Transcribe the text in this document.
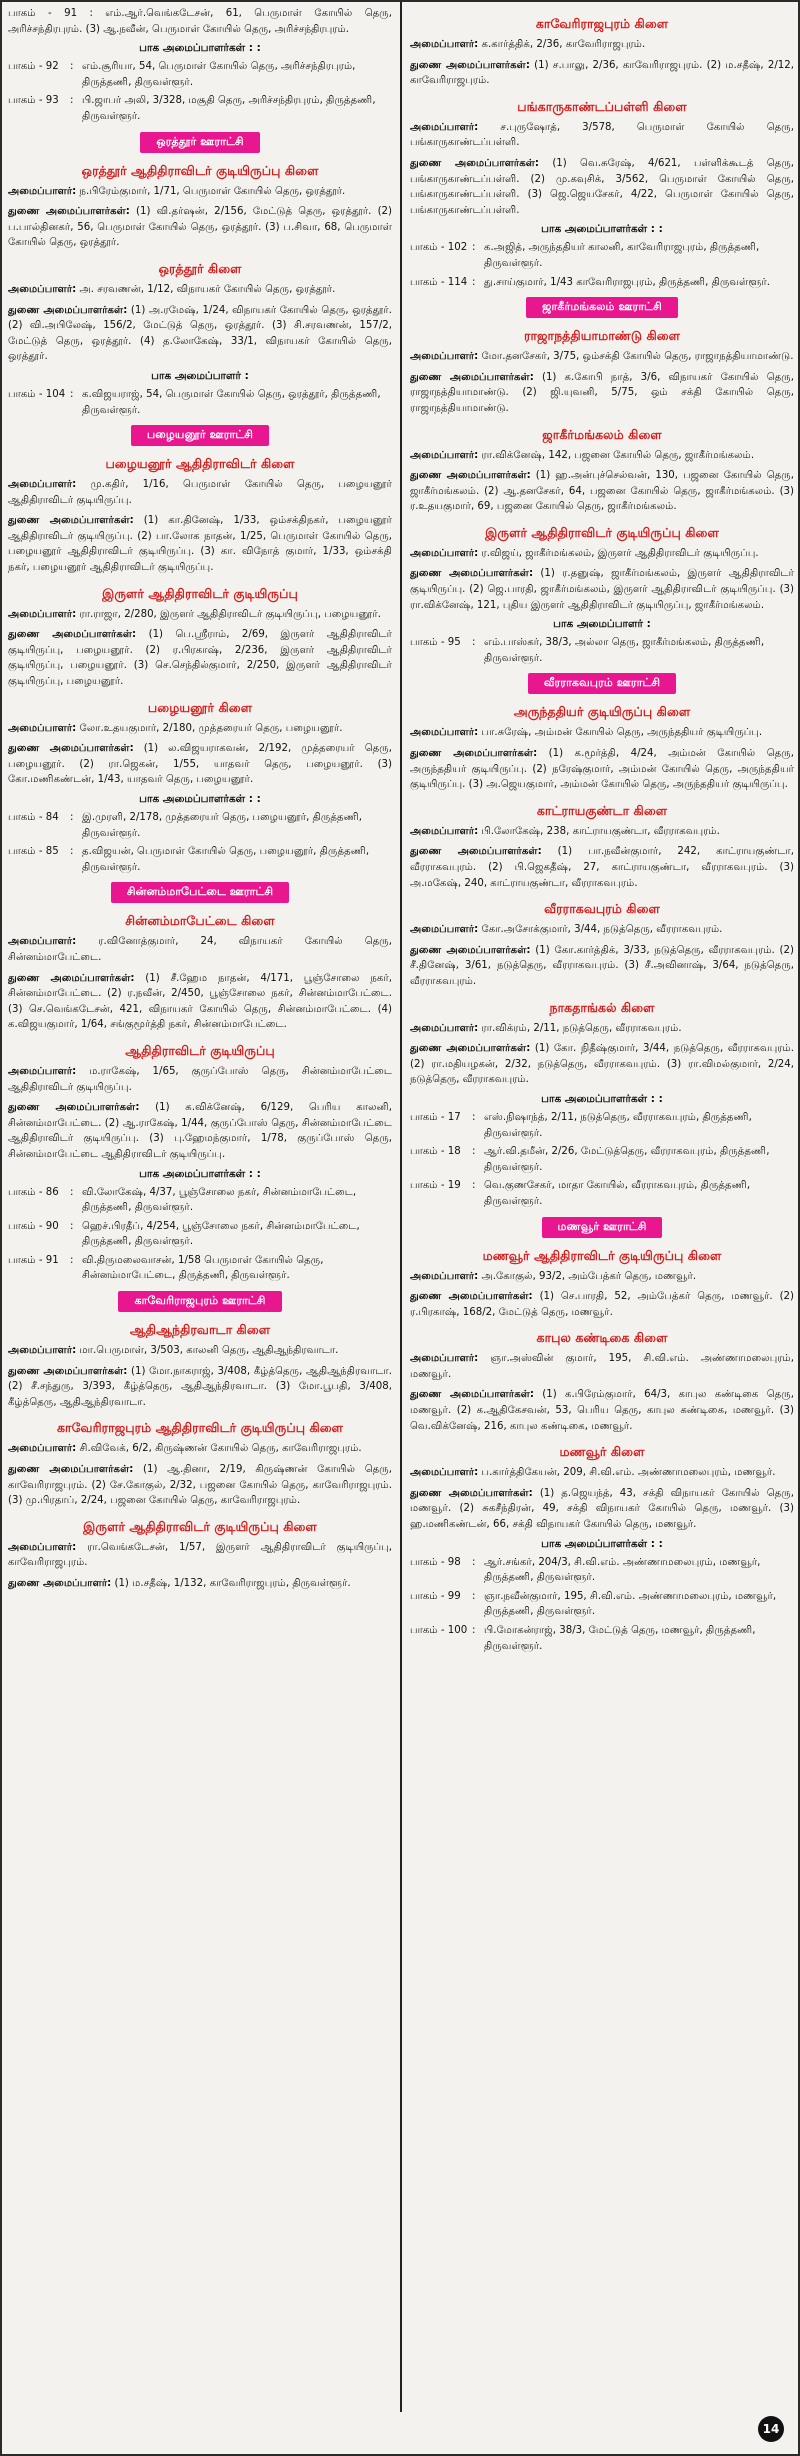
பாகம் - 91 : எம்.ஆர்.வெங்கடேசன், 61, பெருமாள் கோயில் தெரு, அரிச்சந்திரபுரம். (3) ஆ.நவீன், பெருமாள் கோயில் தெரு, அரிச்சந்திரபுரம்.
பாக அமைப்பாளர்கள் : :
பாகம் - 92	: எம்.சூரியா, 54, பெருமாள் கோயில் தெரு, அரிச்சந்திரபுரம், திருத்தணி, திருவள்ளூர்.
பாகம் - 93	: பி.ஜாபர் அலி, 3/328, மசூதி தெரு, அரிச்சந்திரபுரம், திருத்தணி, திருவள்ளூர்.
ஒரத்தூர் ஊராட்சி
ஒரத்தூர் ஆதிதிராவிடர் குடியிருப்பு கிளை
அமைப்பாளர்: ந.பிரேம்குமார், 1/71, பெருமாள் கோயில் தெரு, ஒரத்தூர்.
துணை அமைப்பாளர்கள்: (1) வி.தர்ஷன், 2/156, மேட்டுத் தெரு, ஒரத்தூர். (2) ப.பால்தினகர், 56, பெருமாள் கோயில் தெரு, ஒரத்தூர். (3) ப.சிவா, 68, பெருமாள் கோயில் தெரு, ஒரத்தூர்.
ஒரத்தூர் கிளை
அமைப்பாளர்: அ. சரவணன், 1/12, விநாயகர் கோயில் தெரு, ஒரத்தூர்.
துணை அமைப்பாளர்கள்: (1) அ.ரமேஷ், 1/24, விநாயகர் கோயில் தெரு, ஒரத்தூர். (2) வி.அபிலேஷ், 156/2, மேட்டுத் தெரு, ஒரத்தூர். (3) சி.சரவணன், 157/2, மேட்டுத் தெரு, ஒரத்தூர். (4) த.லோகேஷ், 33/1, விநாயகர் கோயில் தெரு, ஒரத்தூர்.
பாக அமைப்பாளர் :
பாகம் - 104 : க.விஜயராஜ், 54, பெருமாள் கோயில் தெரு, ஒரத்தூர், திருத்தணி, திருவள்ளூர்.
பழையனூர் ஊராட்சி
பழையனூர் ஆதிதிராவிடர் கிளை
அமைப்பாளர்: மு.கதிர், 1/16, பெருமாள் கோயில் தெரு, பழையனூர் ஆதிதிராவிடர் குடியிருப்பு.
துணை அமைப்பாளர்கள்: (1) கா.தினேஷ், 1/33, ஒம்சக்திநகர், பழையனூர் ஆதிதிராவிடர் குடியிருப்பு. (2) பா.லோக நாதன், 1/25, பெருமாள் கோயில் தெரு, பழையனூர் ஆதிதிராவிடர் குடியிருப்பு. (3) கா. விநோத் குமார், 1/33, ஒம்சக்தி நகர், பழையனூர் ஆதிதிராவிடர் குடியிருப்பு.
இருளர் ஆதிதிராவிடர் குடியிருப்பு
அமைப்பாளர்: ரா.ராஜா, 2/280, இருளர் ஆதிதிராவிடர் குடியிருப்பு, பழையனூர்.
துணை அமைப்பாளர்கள்: (1) பெ.ஸ்ரீராம், 2/69, இருளர் ஆதிதிராவிடர் குடியிருப்பு, பழையனூர். (2) ர.பிரகாஷ், 2/236, இருளர் ஆதிதிராவிடர் குடியிருப்பு, பழையனூர். (3) செ.செந்தில்குமார், 2/250, இருளர் ஆதிதிராவிடர் குடியிருப்பு, பழையனூர்.
பழையனூர் கிளை
அமைப்பாளர்: லோ.உதயகுமார், 2/180, முத்தரையர் தெரு, பழையனூர்.
துணை அமைப்பாளர்கள்: (1) ல.விஜயராகவன், 2/192, முத்தரையர் தெரு, பழையனூர். (2) ரா.ஜெகன், 1/55, யாதவர் தெரு, பழையனூர். (3) கோ.மணிகண்டன், 1/43, யாதவர் தெரு, பழையனூர்.
பாக அமைப்பாளர்கள் : :
பாகம் - 84	: இ.முரளி, 2/178, முத்தரையர் தெரு, பழையனூர், திருத்தணி, திருவள்ளூர்.
பாகம் - 85	: த.விஜயன், பெருமாள் கோயில் தெரு, பழையனூர், திருத்தணி, திருவள்ளூர்.
சின்னம்மாபேட்டை ஊராட்சி
சின்னம்மாபேட்டை கிளை
அமைப்பாளர்: ர.வினோத்குமார், 24, விநாயகர் கோயில் தெரு, சின்னம்மாபேட்டை.
துணை அமைப்பாளர்கள்: (1) சீ.ஹேம நாதன், 4/171, பூஞ்சோலை நகர், சின்னம்மாபேட்டை. (2) ர.நவீன், 2/450, பூஞ்சோலை நகர், சின்னம்மாபேட்டை. (3) செ.வெங்கடேசன், 421, விநாயகர் கோயில் தெரு, சின்னம்மாபேட்டை. (4) க.விஜயகுமார், 1/64, சங்குமூர்த்தி நகர், சின்னம்மாபேட்டை.
ஆதிதிராவிடர் குடியிருப்பு
அமைப்பாளர்: ம.ராகேஷ், 1/65, குருப்போஸ் தெரு, சின்னம்மாபேட்டை ஆதிதிராவிடர் குடியிருப்பு.
துணை அமைப்பாளர்கள்: (1) க.விக்னேஷ், 6/129, பெரிய காலனி, சின்னம்மாபேட்டை. (2) ஆ.ராகேஷ், 1/44, குருப்போஸ் தெரு, சின்னம்மாபேட்டை ஆதிதிராவிடர் குடியிருப்பு. (3) பு.ஹேமந்குமார், 1/78, குருப்போஸ் தெரு, சின்னம்மாபேட்டை ஆதிதிராவிடர் குடியிருப்பு.
பாக அமைப்பாளர்கள் : :
பாகம் - 86	: வி.லோகேஷ், 4/37, பூஞ்சோலை நகர், சின்னம்மாபேட்டை, திருத்தணி, திருவள்ளூர்.
பாகம் - 90	: ஹெச்.பிரதீப், 4/254, பூஞ்சோலை நகர், சின்னம்மாபேட்டை, திருத்தணி, திருவள்ளூர்.
பாகம் - 91	: வி.திருமலைவாசன், 1/58 பெருமாள் கோயில் தெரு, சின்னம்மாபேட்டை, திருத்தணி, திருவள்ளூர்.
காவேரிராஜபுரம் ஊராட்சி
ஆதிஆந்திரவாடா கிளை
அமைப்பாளர்: மா.பெருமாள், 3/503, காலனி தெரு, ஆதிஆந்திரவாடா.
துணை அமைப்பாளர்கள்: (1) மோ.நாகராஜ், 3/408, கீழ்த்தெரு, ஆதிஆந்திரவாடா. (2) சீ.சந்துரு, 3/393, கீழ்த்தெரு, ஆதிஆந்திரவாடா. (3) மோ.பூபதி, 3/408, கீழ்த்தெரு, ஆதிஆந்திரவாடா.
காவேரிராஜபுரம் ஆதிதிராவிடர் குடியிருப்பு கிளை
அமைப்பாளர்: சி.விவேக், 6/2, கிருஷ்ணன் கோயில் தெரு, காவேரிராஜபுரம்.
துணை அமைப்பாளர்கள்: (1) ஆ.தினா, 2/19, கிருஷ்ணன் கோயில் தெரு, காவேரிராஜபுரம். (2) சே.கோகுல், 2/32, பஜனை கோயில் தெரு, காவேரிராஜபுரம். (3) மு.பிரதாப், 2/24, பஜனை கோயில் தெரு, காவேரிராஜபுரம்.
இருளர் ஆதிதிராவிடர் குடியிருப்பு கிளை
அமைப்பாளர்: ரா.வெங்கடேசன், 1/57, இருளர் ஆதிதிராவிடர் குடியிருப்பு, காவேரிராஜபுரம்.
துணை அமைப்பாளர்: (1) ம.சதீஷ், 1/132, காவேரிராஜபுரம், திருவள்ளூர்.
காவேரிராஜபுரம் கிளை
அமைப்பாளர்: க.கார்த்திக், 2/36, காவேரிராஜபுரம்.
துணை அமைப்பாளர்கள்: (1) ச.பாலு, 2/36, காவேரிராஜபுரம். (2) ம.சதீஷ், 2/12, காவேரிராஜபுரம்.
பங்காருகாண்டப்பள்ளி கிளை
அமைப்பாளர்: ச.புருஷோத், 3/578, பெருமாள் கோயில் தெரு, பங்காருகாண்டப்பள்ளி.
துணை அமைப்பாளர்கள்: (1) வெ.சுரேஷ், 4/621, பள்ளிக்கூடத் தெரு, பங்காருகாண்டப்பள்ளி. (2) மு.கவுசிக், 3/562, பெருமாள் கோயில் தெரு, பங்காருகாண்டப்பள்ளி. (3) ஜெ.ஜெயசேகர், 4/22, பெருமாள் கோயில் தெரு, பங்காருகாண்டப்பள்ளி.
பாக அமைப்பாளர்கள் : :
பாகம் - 102 : க.அஜித், அருந்ததியர் காலனி, காவேரிராஜபுரம், திருத்தணி, திருவள்ளூர்.
பாகம் - 114 : து.சாய்குமார், 1/43 காவேரிராஜபுரம், திருத்தணி, திருவள்ளூர்.
ஜாகீர்மங்கலம் ஊராட்சி
ராஜாநத்தியாமாண்டு கிளை
அமைப்பாளர்: மோ.தனசேகர், 3/75, ஒம்சக்தி கோயில் தெரு, ராஜாநத்தியாமாண்டு.
துணை அமைப்பாளர்கள்: (1) க.கோபி நாத், 3/6, விநாயகர் கோயில் தெரு, ராஜாநத்தியாமாண்டு. (2) ஜி.யுவனி, 5/75, ஒம் சக்தி கோயில் தெரு, ராஜாநத்தியாமாண்டு.
ஜாகீர்மங்கலம் கிளை
அமைப்பாளர்: ரா.விக்னேஷ், 142, பஜனை கோயில் தெரு, ஜாகீர்மங்கலம்.
துணை அமைப்பாளர்கள்: (1) ஹ.அன்புச்செல்வன், 130, பஜனை கோயில் தெரு, ஜாகீர்மங்கலம். (2) ஆ.தனசேகர், 64, பஜனை கோயில் தெரு, ஜாகீர்மங்கலம். (3) ர.உதயகுமார், 69, பஜனை கோயில் தெரு, ஜாகீர்மங்கலம்.
இருளர் ஆதிதிராவிடர் குடியிருப்பு கிளை
அமைப்பாளர்: ர.விஜய், ஜாகீர்மங்கலம், இருளர் ஆதிதிராவிடர் குடியிருப்பு.
துணை அமைப்பாளர்கள்: (1) ர.தனுஷ், ஜாகீர்மங்கலம், இருளர் ஆதிதிராவிடர் குடியிருப்பு. (2) ஜெ.பாரதி, ஜாகீர்மங்கலம், இருளர் ஆதிதிராவிடர் குடியிருப்பு. (3) ரா.விக்னேஷ், 121, புதிய இருளர் ஆதிதிராவிடர் குடியிருப்பு, ஜாகீர்மங்கலம்.
பாக அமைப்பாளர் :
பாகம் - 95	: எம்.பாஸ்கர், 38/3, அல்லா தெரு, ஜாகீர்மங்கலம், திருத்தணி, திருவள்ளூர்.
வீரராகவபுரம் ஊராட்சி
அருந்ததியர் குடியிருப்பு கிளை
அமைப்பாளர்: பா.சுரேஷ், அம்மன் கோயில் தெரு, அருந்ததியர் குடியிருப்பு.
துணை அமைப்பாளர்கள்: (1) க.மூர்த்தி, 4/24, அம்மன் கோயில் தெரு, அருந்ததியர் குடியிருப்பு. (2) நரேஷ்குமார், அம்மன் கோயில் தெரு, அருந்ததியர் குடியிருப்பு. (3) அ.ஜெயகுமார், அம்மன் கோயில் தெரு, அருந்ததியர் குடியிருப்பு.
காட்ராயகுண்டா கிளை
அமைப்பாளர்: பி.லோகேஷ், 238, காட்ராயகுண்டா, வீரராகவபுரம்.
துணை அமைப்பாளர்கள்: (1) பா.நவீன்குமார், 242, காட்ராயகுண்டா, வீரராகவபுரம். (2) பி.ஜெகதீஷ், 27, காட்ராயகுண்டா, வீரராகவபுரம். (3) அ.மகேஷ், 240, காட்ராயகுண்டா, வீரராகவபுரம்.
வீரராகவபுரம் கிளை
அமைப்பாளர்: கோ.அசோக்குமார், 3/44, நடுத்தெரு, வீரராகவபுரம்.
துணை அமைப்பாளர்கள்: (1) கோ.கார்த்திக், 3/33, நடுத்தெரு, வீரராகவபுரம். (2) சீ.தினேஷ், 3/61, நடுத்தெரு, வீரராகவபுரம். (3) சீ.அவினாஷ், 3/64, நடுத்தெரு, வீரராகவபுரம்.
நாகதாங்கல் கிளை
அமைப்பாளர்: ரா.விக்ரம், 2/11, நடுத்தெரு, வீரராகவபுரம்.
துணை அமைப்பாளர்கள்: (1) கோ. நிதீஷ்குமார், 3/44, நடுத்தெரு, வீரராகவபுரம். (2) ரா.மதியழகன், 2/32, நடுத்தெரு, வீரராகவபுரம். (3) ரா.விமல்குமார், 2/24, நடுத்தெரு, வீரராகவபுரம்.
பாக அமைப்பாளர்கள் : :
பாகம் - 17	: எஸ்.நிஷாந்த், 2/11, நடுத்தெரு, வீரராகவபுரம், திருத்தணி, திருவள்ளூர்.
பாகம் - 18	: ஆர்.வி.தமீன், 2/26, மேட்டுத்தெரு, வீரராகவபுரம், திருத்தணி, திருவள்ளூர்.
பாகம் - 19	: வெ.குணசேகர், மாதா கோயில், வீரராகவபுரம், திருத்தணி, திருவள்ளூர்.
மணவூர் ஊராட்சி
மணவூர் ஆதிதிராவிடர் குடியிருப்பு கிளை
அமைப்பாளர்: அ.கோகுல், 93/2, அம்பேத்கர் தெரு, மணவூர்.
துணை அமைப்பாளர்கள்: (1) செ.பாரதி, 52, அம்பேத்கர் தெரு, மணவூர். (2) ர.பிரகாஷ், 168/2, மேட்டுத் தெரு, மணவூர்.
காபுல கண்டிகை கிளை
அமைப்பாளர்: ஞா.அஸ்வின் குமார், 195, சி.வி.எம். அண்ணாமலைபுரம், மணவூர்.
துணை அமைப்பாளர்கள்: (1) க.பிரேம்குமார், 64/3, காபுல கண்டிகை தெரு, மணவூர். (2) க.ஆதிகேசவன், 53, பெரிய தெரு, காபுல கண்டிகை, மணவூர். (3) வெ.விக்னேஷ், 216, காபுல கண்டிகை, மணவூர்.
மணவூர் கிளை
அமைப்பாளர்: ப.கார்த்திகேயன், 209, சி.வி.எம். அண்ணாமலைபுரம், மணவூர்.
துணை அமைப்பாளர்கள்: (1) த.ஜெயந்த், 43, சக்தி விநாயகர் கோயில் தெரு, மணவூர். (2) சுகசீந்திரன், 49, சக்தி விநாயகர் கோயில் தெரு, மணவூர். (3) ஹ.மணிகண்டன், 66, சக்தி விநாயகர் கோயில் தெரு, மணவூர்.
பாக அமைப்பாளர்கள் : :
பாகம் - 98	: ஆர்.சங்கர், 204/3, சி.வி.எம். அண்ணாமலைபுரம், மணவூர், திருத்தணி, திருவள்ளூர்.
பாகம் - 99	: ஞா.நவீன்குமார், 195, சி.வி.எம். அண்ணாமலைபுரம், மணவூர், திருத்தணி, திருவள்ளூர்.
பாகம் - 100 : பி.மோகன்ராஜ், 38/3, மேட்டுத் தெரு, மணவூர், திருத்தணி, திருவள்ளூர்.
14
